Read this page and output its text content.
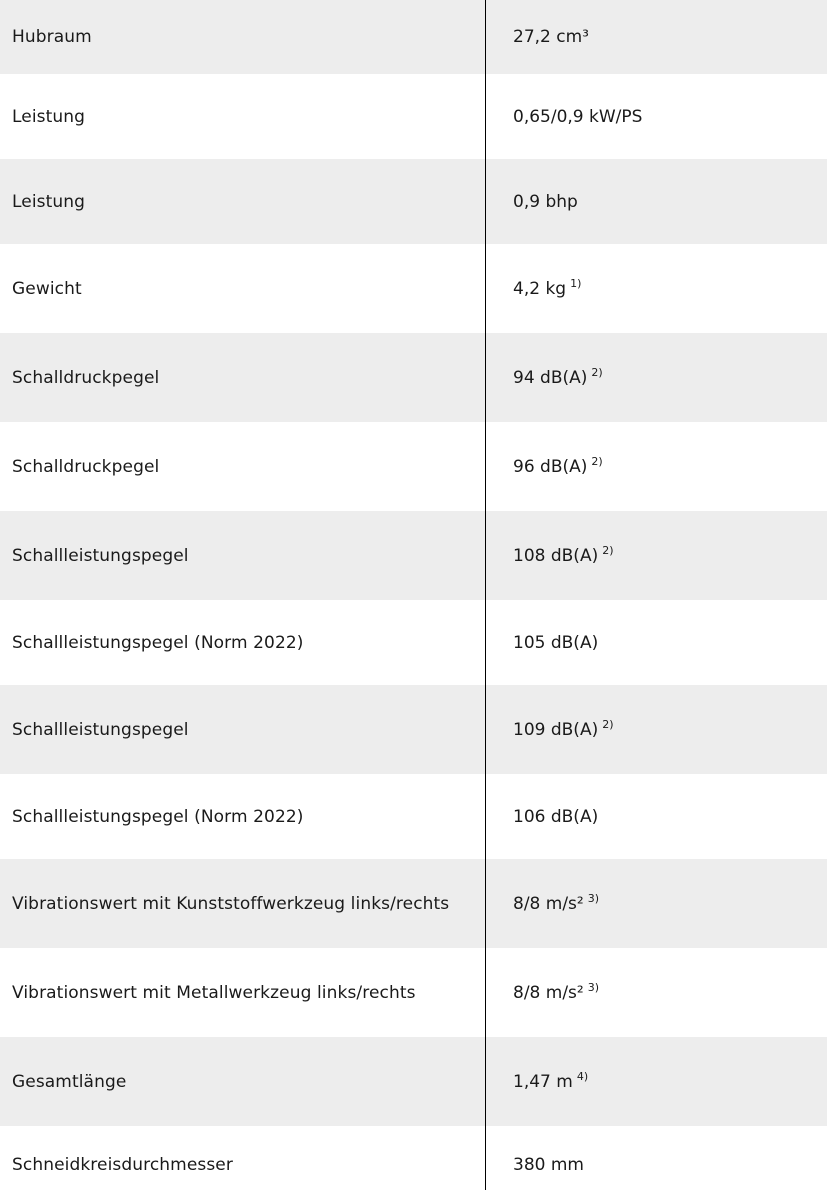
Hubraum	27,2 cm³
Leistung	0,65/0,9 kW/PS
Leistung	0,9 bhp
Gewicht	4,2 kg $^{1)}$
Schalldruckpegel	94 dB(A) $^{2)}$
Schalldruckpegel	96 dB(A) $^{2)}$
Schallleistungspegel	108 dB(A) $^{2)}$
Schallleistungspegel (Norm 2022)	105 dB(A)
Schallleistungspegel	109 dB(A) $^{2)}$
Schallleistungspegel (Norm 2022)	106 dB(A)
Vibrationswert mit Kunststoffwerkzeug links/rechts	8/8 m/s² $^{3)}$
Vibrationswert mit Metallwerkzeug links/rechts	8/8 m/s² $^{3)}$
Gesamtlänge	1,47 m $^{4)}$
Schneidkreisdurchmesser	380 mm
